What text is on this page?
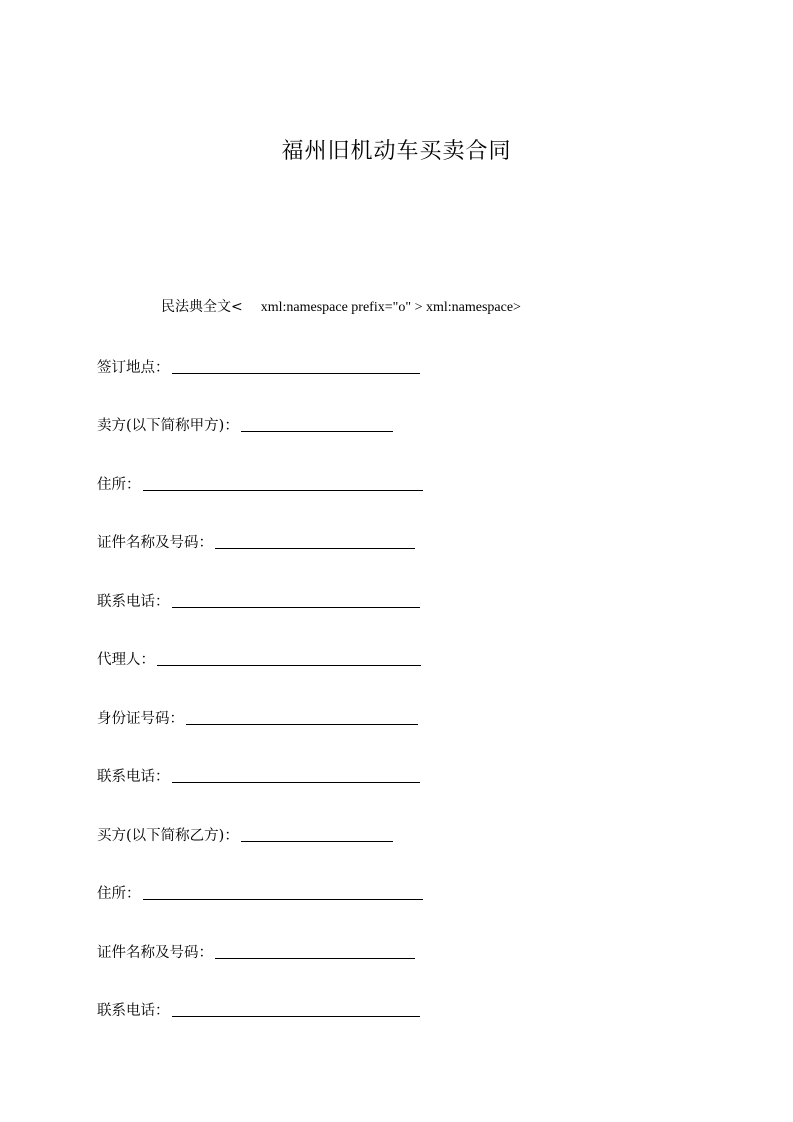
福州旧机动车买卖合同
民法典全文< xml:namespace prefix="o" > xml:namespace>
签订地点：
卖方(以下简称甲方)：
住所：
证件名称及号码：
联系电话：
代理人：
身份证号码：
联系电话：
买方(以下简称乙方)：
住所：
证件名称及号码：
联系电话：
